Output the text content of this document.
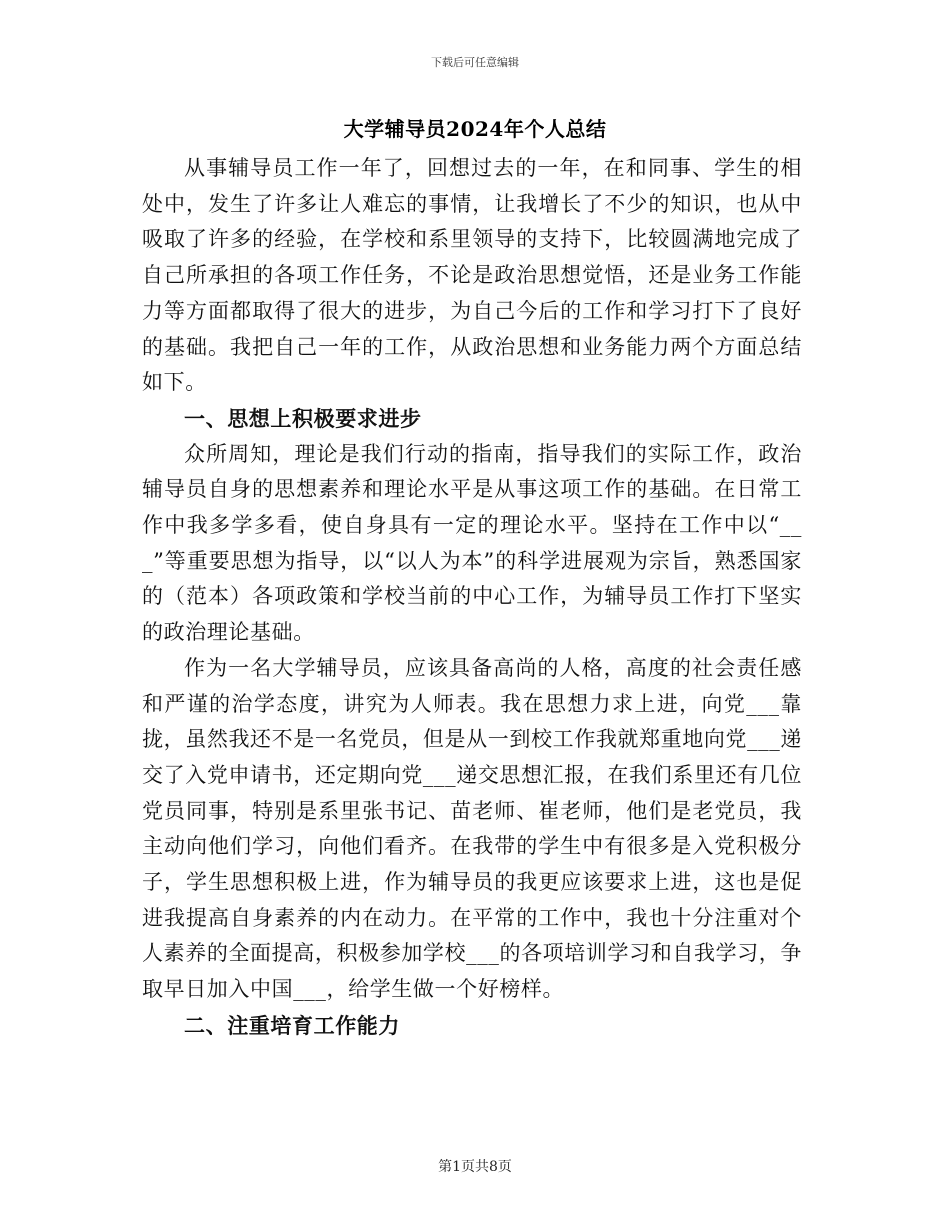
下载后可任意编辑
大学辅导员2024年个人总结

从事辅导员工作一年了，回想过去的一年，在和同事、学生的相处中，发生了许多让人难忘的事情，让我增长了不少的知识，也从中吸取了许多的经验，在学校和系里领导的支持下，比较圆满地完成了自己所承担的各项工作任务，不论是政治思想觉悟，还是业务工作能力等方面都取得了很大的进步，为自己今后的工作和学习打下了良好的基础。我把自己一年的工作，从政治思想和业务能力两个方面总结如下。

一、思想上积极要求进步

众所周知，理论是我们行动的指南，指导我们的实际工作，政治辅导员自身的思想素养和理论水平是从事这项工作的基础。在日常工作中我多学多看，使自身具有一定的理论水平。坚持在工作中以“___”等重要思想为指导，以“以人为本”的科学进展观为宗旨，熟悉国家的（范本）各项政策和学校当前的中心工作，为辅导员工作打下坚实的政治理论基础。

作为一名大学辅导员，应该具备高尚的人格，高度的社会责任感和严谨的治学态度，讲究为人师表。我在思想力求上进，向党___靠拢，虽然我还不是一名党员，但是从一到校工作我就郑重地向党___递交了入党申请书，还定期向党___递交思想汇报，在我们系里还有几位党员同事，特别是系里张书记、苗老师、崔老师，他们是老党员，我主动向他们学习，向他们看齐。在我带的学生中有很多是入党积极分子，学生思想积极上进，作为辅导员的我更应该要求上进，这也是促进我提高自身素养的内在动力。在平常的工作中，我也十分注重对个人素养的全面提高，积极参加学校___的各项培训学习和自我学习，争取早日加入中国___，给学生做一个好榜样。

二、注重培育工作能力

第1页共8页
